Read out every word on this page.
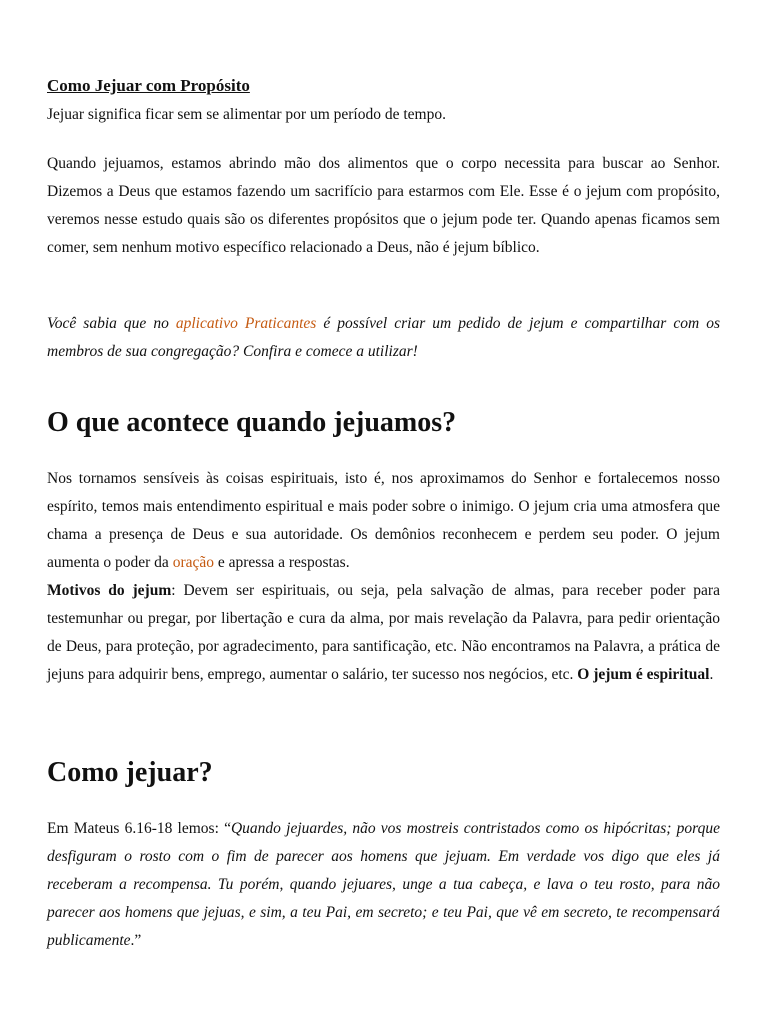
Como Jejuar com Propósito

Jejuar significa ficar sem se alimentar por um período de tempo.

Quando jejuamos, estamos abrindo mão dos alimentos que o corpo necessita para buscar ao Senhor. Dizemos a Deus que estamos fazendo um sacrifício para estarmos com Ele. Esse é o jejum com propósito, veremos nesse estudo quais são os diferentes propósitos que o jejum pode ter. Quando apenas ficamos sem comer, sem nenhum motivo específico relacionado a Deus, não é jejum bíblico.

Você sabia que no aplicativo Praticantes é possível criar um pedido de jejum e compartilhar com os membros de sua congregação? Confira e comece a utilizar!

O que acontece quando jejuamos?

Nos tornamos sensíveis às coisas espirituais, isto é, nos aproximamos do Senhor e fortalecemos nosso espírito, temos mais entendimento espiritual e mais poder sobre o inimigo. O jejum cria uma atmosfera que chama a presença de Deus e sua autoridade. Os demônios reconhecem e perdem seu poder. O jejum aumenta o poder da oração e apressa a respostas.

Motivos do jejum: Devem ser espirituais, ou seja, pela salvação de almas, para receber poder para testemunhar ou pregar, por libertação e cura da alma, por mais revelação da Palavra, para pedir orientação de Deus, para proteção, por agradecimento, para santificação, etc. Não encontramos na Palavra, a prática de jejuns para adquirir bens, emprego, aumentar o salário, ter sucesso nos negócios, etc. O jejum é espiritual.

Como jejuar?

Em Mateus 6.16-18 lemos: “Quando jejuardes, não vos mostreis contristados como os hipócritas; porque desfiguram o rosto com o fim de parecer aos homens que jejuam. Em verdade vos digo que eles já receberam a recompensa. Tu porém, quando jejuares, unge a tua cabeça, e lava o teu rosto, para não parecer aos homens que jejuas, e sim, a teu Pai, em secreto; e teu Pai, que vê em secreto, te recompensará publicamente.”
